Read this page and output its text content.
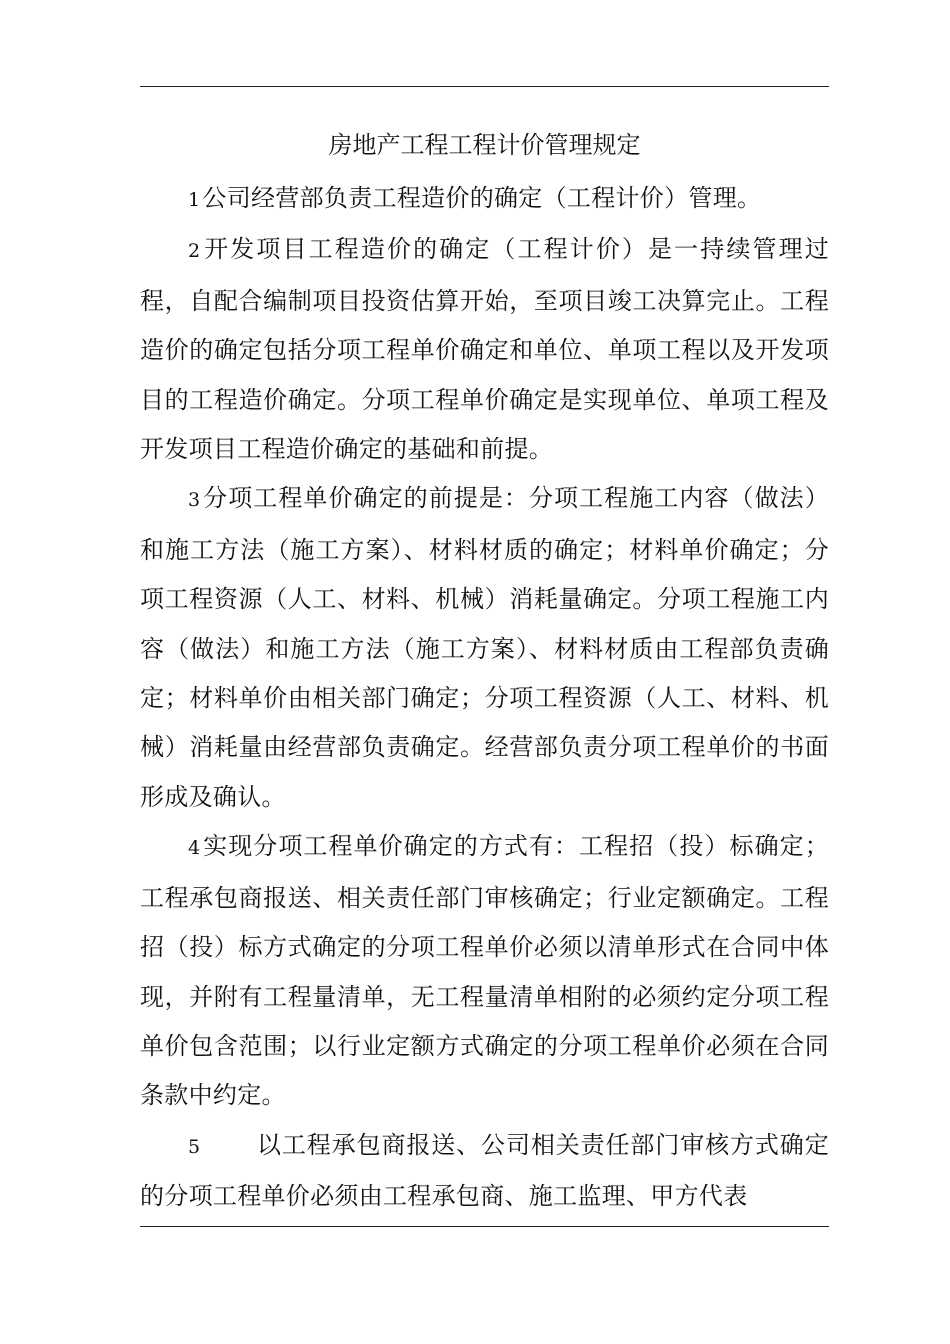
房地产工程工程计价管理规定

1公司经营部负责工程造价的确定（工程计价）管理。

2开发项目工程造价的确定（工程计价）是一持续管理过程，自配合编制项目投资估算开始，至项目竣工决算完止。工程造价的确定包括分项工程单价确定和单位、单项工程以及开发项目的工程造价确定。分项工程单价确定是实现单位、单项工程及开发项目工程造价确定的基础和前提。

3分项工程单价确定的前提是：分项工程施工内容（做法）和施工方法（施工方案）、材料材质的确定；材料单价确定；分项工程资源（人工、材料、机械）消耗量确定。分项工程施工内容（做法）和施工方法（施工方案）、材料材质由工程部负责确定；材料单价由相关部门确定；分项工程资源（人工、材料、机械）消耗量由经营部负责确定。经营部负责分项工程单价的书面形成及确认。

4实现分项工程单价确定的方式有：工程招（投）标确定；工程承包商报送、相关责任部门审核确定；行业定额确定。工程招（投）标方式确定的分项工程单价必须以清单形式在合同中体现，并附有工程量清单，无工程量清单相附的必须约定分项工程单价包含范围；以行业定额方式确定的分项工程单价必须在合同条款中约定。

5 以工程承包商报送、公司相关责任部门审核方式确定的分项工程单价必须由工程承包商、施工监理、甲方代表
